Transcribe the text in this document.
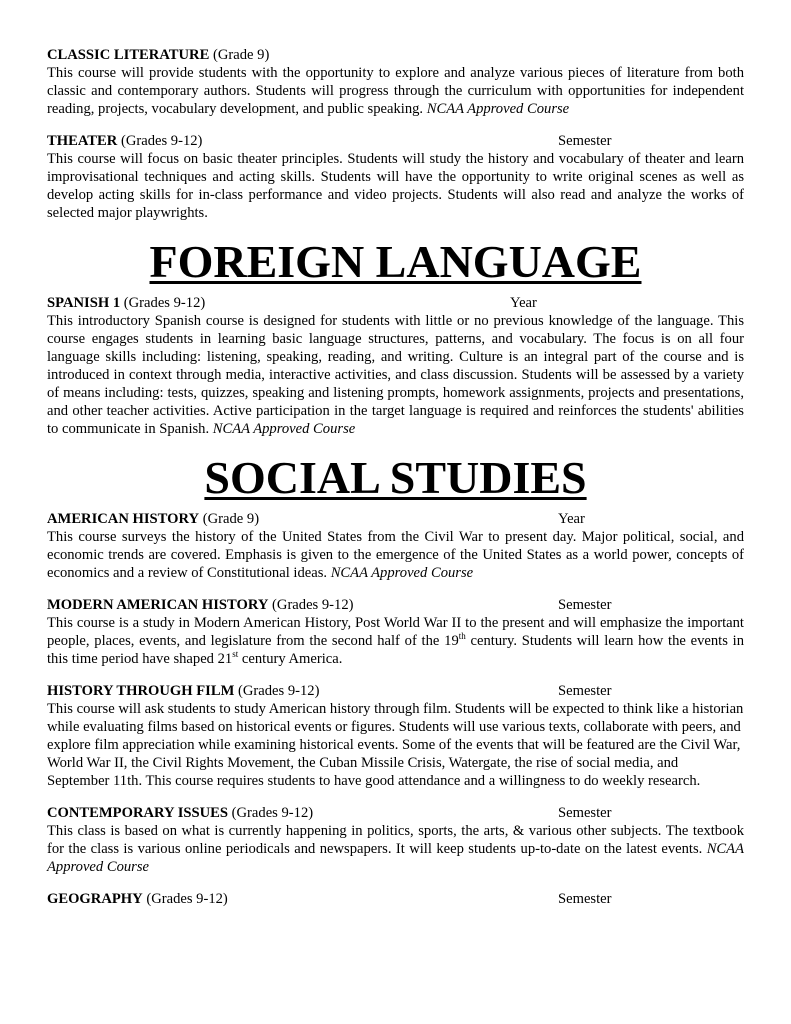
CLASSIC LITERATURE (Grade 9)

This course will provide students with the opportunity to explore and analyze various pieces of literature from both classic and contemporary authors. Students will progress through the curriculum with opportunities for independent reading, projects, vocabulary development, and public speaking. NCAA Approved Course

THEATER (Grades 9-12)	Semester

This course will focus on basic theater principles. Students will study the history and vocabulary of theater and learn improvisational techniques and acting skills. Students will have the opportunity to write original scenes as well as develop acting skills for in-class performance and video projects. Students will also read and analyze the works of selected major playwrights.

FOREIGN LANGUAGE
SPANISH 1 (Grades 9-12)	Year

This introductory Spanish course is designed for students with little or no previous knowledge of the language. This course engages students in learning basic language structures, patterns, and vocabulary. The focus is on all four language skills including: listening, speaking, reading, and writing. Culture is an integral part of the course and is introduced in context through media, interactive activities, and class discussion. Students will be assessed by a variety of means including: tests, quizzes, speaking and listening prompts, homework assignments, projects and presentations, and other teacher activities. Active participation in the target language is required and reinforces the students' abilities to communicate in Spanish. NCAA Approved Course

SOCIAL STUDIES
AMERICAN HISTORY (Grade 9)	Year

This course surveys the history of the United States from the Civil War to present day. Major political, social, and economic trends are covered. Emphasis is given to the emergence of the United States as a world power, concepts of economics and a review of Constitutional ideas. NCAA Approved Course

MODERN AMERICAN HISTORY (Grades 9-12)	Semester

This course is a study in Modern American History, Post World War II to the present and will emphasize the important people, places, events, and legislature from the second half of the 19th century. Students will learn how the events in this time period have shaped 21st century America.

HISTORY THROUGH FILM (Grades 9-12)	Semester

This course will ask students to study American history through film. Students will be expected to think like a historian while evaluating films based on historical events or figures. Students will use various texts, collaborate with peers, and explore film appreciation while examining historical events. Some of the events that will be featured are the Civil War, World War II, the Civil Rights Movement, the Cuban Missile Crisis, Watergate, the rise of social media, and September 11th. This course requires students to have good attendance and a willingness to do weekly research.

CONTEMPORARY ISSUES (Grades 9-12)	Semester

This class is based on what is currently happening in politics, sports, the arts, & various other subjects. The textbook for the class is various online periodicals and newspapers. It will keep students up-to-date on the latest events. NCAA Approved Course

GEOGRAPHY (Grades 9-12)	Semester
